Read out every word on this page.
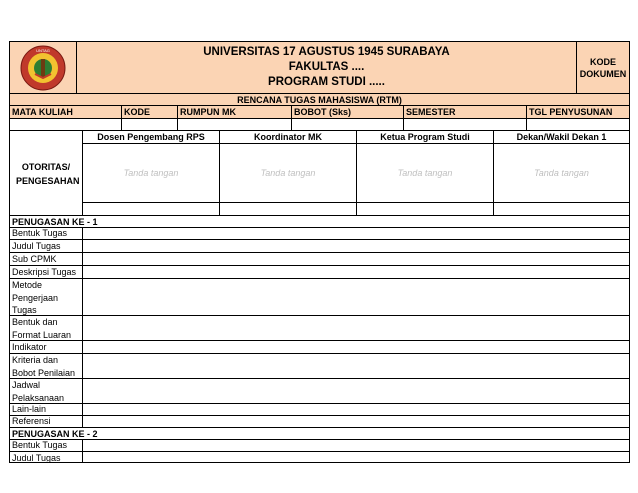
UNTAG	UNIVERSITAS 17 AGUSTUS 1945 SURABAYA
FAKULTAS ....
PROGRAM STUDI .....
KODE DOKUMEN
RENCANA TUGAS MAHASISWA (RTM)
MATA KULIAH	KODE	RUMPUN MK	BOBOT (Sks)	SEMESTER	TGL PENYUSUNAN
OTORITAS/ PENGESAHAN
Dosen Pengembang RPS	Koordinator MK	Ketua Program Studi	Dekan/Wakil Dekan 1
Tanda tangan	Tanda tangan	Tanda tangan	Tanda tangan
PENUGASAN KE - 1
Bentuk Tugas
Judul Tugas
Sub CPMK
Deskripsi Tugas
Metode Pengerjaan Tugas
Bentuk dan Format Luaran
Indikator
Kriteria dan Bobot Penilaian
Jadwal Pelaksanaan
Lain-lain
Referensi
PENUGASAN KE - 2
Bentuk Tugas
Judul Tugas
